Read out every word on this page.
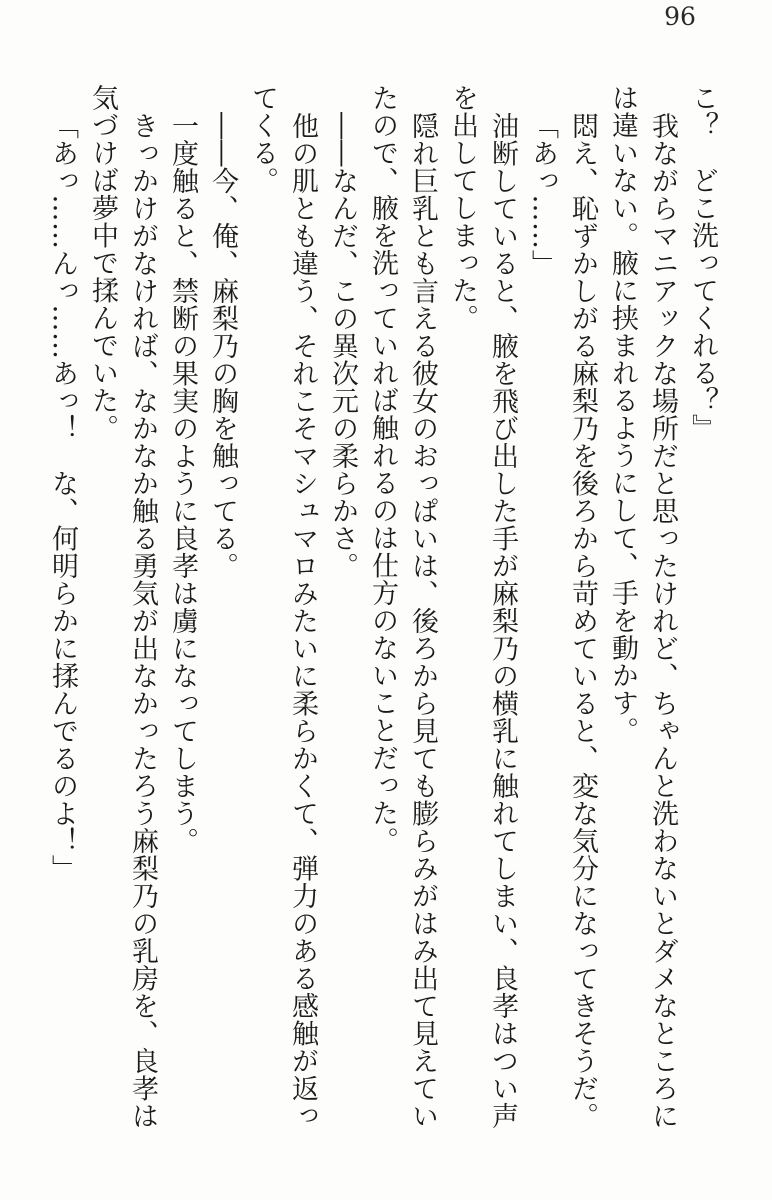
96

こ？　どこ洗ってくれる？』

我ながらマニアックな場所だと思ったけれど、ちゃんと洗わないとダメなところには違いない。腋に挟まれるようにして、手を動かす。

悶え、恥ずかしがる麻梨乃を後ろから苛めていると、変な気分になってきそうだ。

「あっ……」

油断していると、腋を飛び出した手が麻梨乃の横乳に触れてしまい、良孝はつい声を出してしまった。

隠れ巨乳とも言える彼女のおっぱいは、後ろから見ても膨らみがはみ出て見えていたので、腋を洗っていれば触れるのは仕方のないことだった。

――なんだ、この異次元の柔らかさ。

他の肌とも違う、それこそマシュマロみたいに柔らかくて、弾力のある感触が返ってくる。

――今、俺、麻梨乃の胸を触ってる。

一度触ると、禁断の果実のように良孝は虜になってしまう。

きっかけがなければ、なかなか触る勇気が出なかったろう麻梨乃の乳房を、良孝は気づけば夢中で揉んでいた。

「あっ……んっ……あっ！　な、何明らかに揉んでるのよ！」
